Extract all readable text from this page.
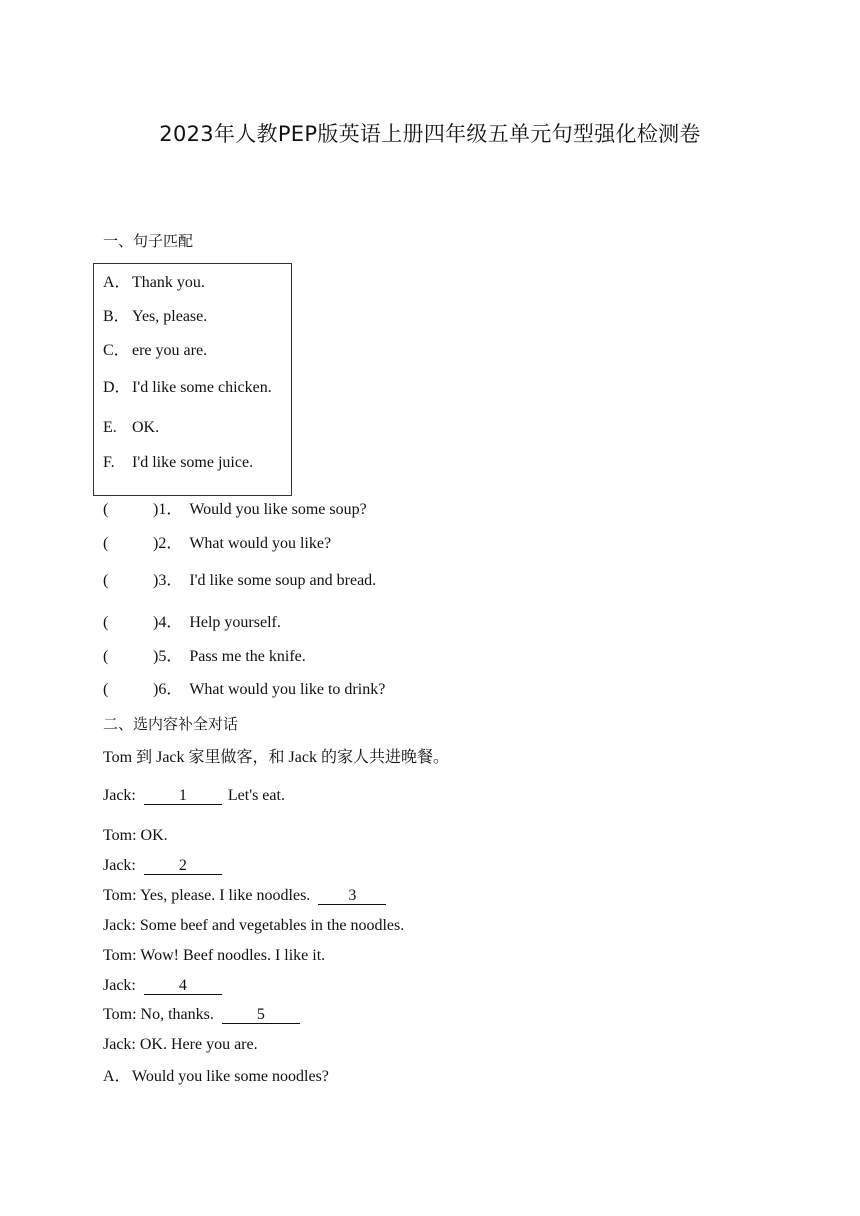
2023年人教PEP版英语上册四年级五单元句型强化检测卷
一、句子匹配
A．Thank you.
B． Yes, please.
C． ere you are.
D．I'd like some chicken.
E. OK.
F. I'd like some juice.
(	)1． Would you like some soup?
(	)2． What would you like?
(	)3． I'd like some soup and bread.
(	)4． Help yourself.
(	)5． Pass me the knife.
(	)6． What would you like to drink?
二、选内容补全对话
Tom 到 Jack 家里做客，和 Jack 的家人共进晚餐。
Jack:	1	Let's eat.
Tom: OK.
Jack:	2
Tom: Yes, please. I like noodles. 3
Jack: Some beef and vegetables in the noodles.
Tom: Wow! Beef noodles. I like it.
Jack:	4
Tom: No, thanks.	5
Jack: OK. Here you are.
A．Would you like some noodles?
